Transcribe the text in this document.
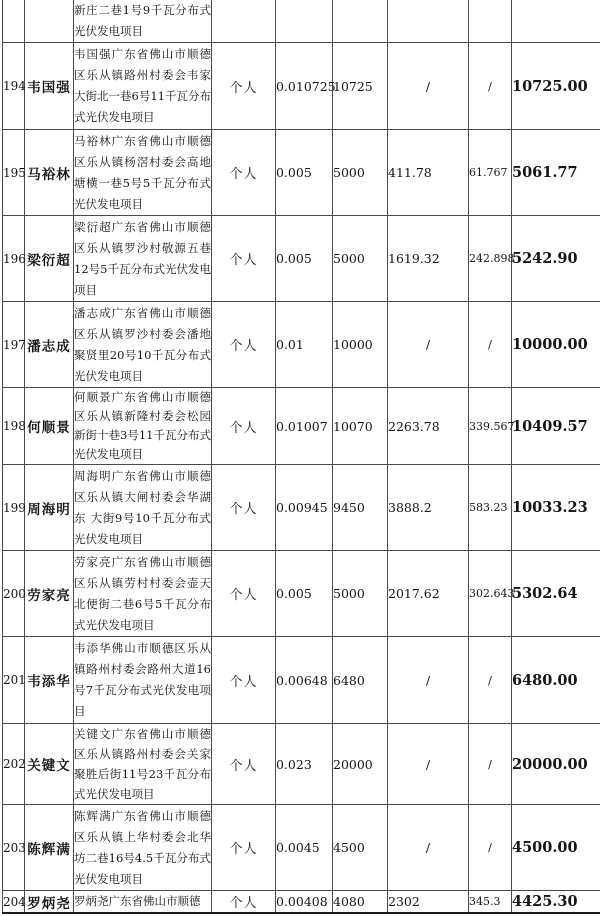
		新庄二巷1号9千瓦分布式光伏发电项目						
194	韦国强	韦国强广东省佛山市顺德区乐从镇路州村委会韦家大街北一巷6号11千瓦分布式光伏发电项目	个人	0.010725	10725	/	/	10725.00
195	马裕林	马裕林广东省佛山市顺德区乐从镇杨滘村委会高地塘横一巷5号5千瓦分布式光伏发电项目	个人	0.005	5000	411.78	61.767	5061.77
196	梁衍超	梁衍超广东省佛山市顺德区乐从镇罗沙村敬源五巷12号5千瓦分布式光伏发电项目	个人	0.005	5000	1619.32	242.898	5242.90
197	潘志成	潘志成广东省佛山市顺德区乐从镇罗沙村委会潘地聚贤里20号10千瓦分布式光伏发电项目	个人	0.01	10000	/	/	10000.00
198	何顺景	何顺景广东省佛山市顺德区乐从镇新隆村委会松园新街十巷3号11千瓦分布式光伏发电项目	个人	0.01007	10070	2263.78	339.567	10409.57
199	周海明	周海明广东省佛山市顺德区乐从镇大闸村委会华湖东 大街9号10千瓦分布式光伏发电项目	个人	0.00945	9450	3888.2	583.23	10033.23
200	劳家亮	劳家亮广东省佛山市顺德区乐从镇劳村村委会壶天北便街二巷6号5千瓦分布式光伏发电项目	个人	0.005	5000	2017.62	302.643	5302.64
201	韦添华	韦添华佛山市顺德区乐从镇路州村委会路州大道16号7千瓦分布式光伏发电项目	个人	0.00648	6480	/	/	6480.00
202	关键文	关键文广东省佛山市顺德区乐从镇路州村委会关家聚胜后街11号23千瓦分布式光伏发电项目	个人	0.023	20000	/	/	20000.00
203	陈辉满	陈辉满广东省佛山市顺德区乐从镇上华村委会北华坊二巷16号4.5千瓦分布式光伏发电项目	个人	0.0045	4500	/	/	4500.00
204	罗炳尧	罗炳尧广东省佛山市顺德	个人	0.00408	4080	2302	345.3	4425.30
